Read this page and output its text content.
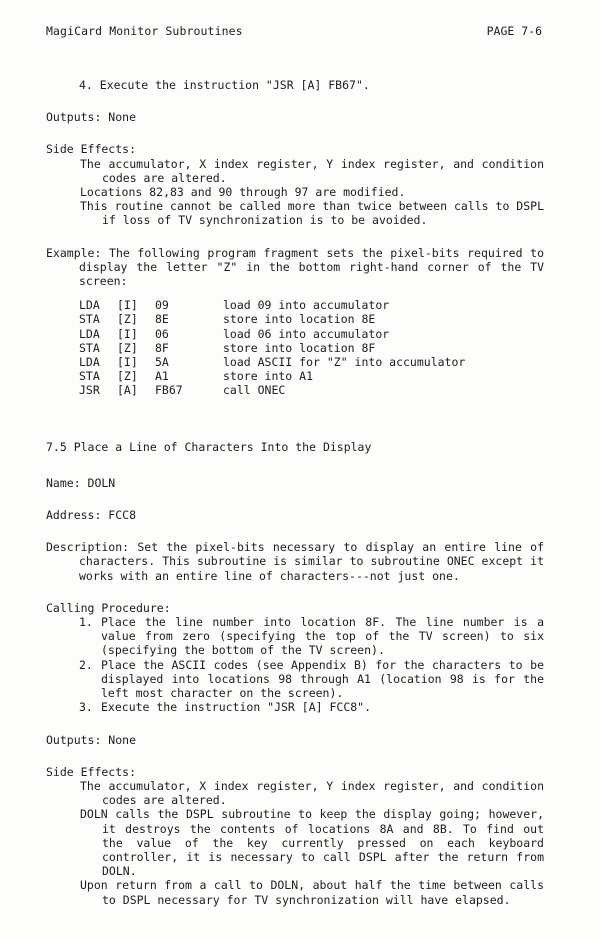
MagiCard Monitor Subroutines	PAGE 7-6

4. Execute the instruction "JSR [A] FB67".

Outputs: None

Side Effects:

The accumulator, X index register, Y index register, and condition codes are altered.

Locations 82,83 and 90 through 97 are modified.

This routine cannot be called more than twice between calls to DSPL if loss of TV synchronization is to be avoided.

Example: The following program fragment sets the pixel-bits required to display the letter "Z" in the bottom right-hand corner of the TV screen:

LDA	[I]	09	load 09 into accumulator
STA	[Z]	8E	store into location 8E
LDA	[I]	06	load 06 into accumulator
STA	[Z]	8F	store into location 8F
LDA	[I]	5A	load ASCII for "Z" into accumulator
STA	[Z]	A1	store into A1
JSR	[A]	FB67	call ONEC

7.5 Place a Line of Characters Into the Display

Name: DOLN

Address: FCC8

Description: Set the pixel-bits necessary to display an entire line of characters. This subroutine is similar to subroutine ONEC except it works with an entire line of characters---not just one.

Calling Procedure:

1. Place the line number into location 8F. The line number is a value from zero (specifying the top of the TV screen) to six (specifying the bottom of the TV screen).
2. Place the ASCII codes (see Appendix B) for the characters to be displayed into locations 98 through A1 (location 98 is for the left most character on the screen).
3. Execute the instruction "JSR [A] FCC8".

Outputs: None

Side Effects:

The accumulator, X index register, Y index register, and condition codes are altered.

DOLN calls the DSPL subroutine to keep the display going; however, it destroys the contents of locations 8A and 8B. To find out the value of the key currently pressed on each keyboard controller, it is necessary to call DSPL after the return from DOLN.

Upon return from a call to DOLN, about half the time between calls to DSPL necessary for TV synchronization will have elapsed.
